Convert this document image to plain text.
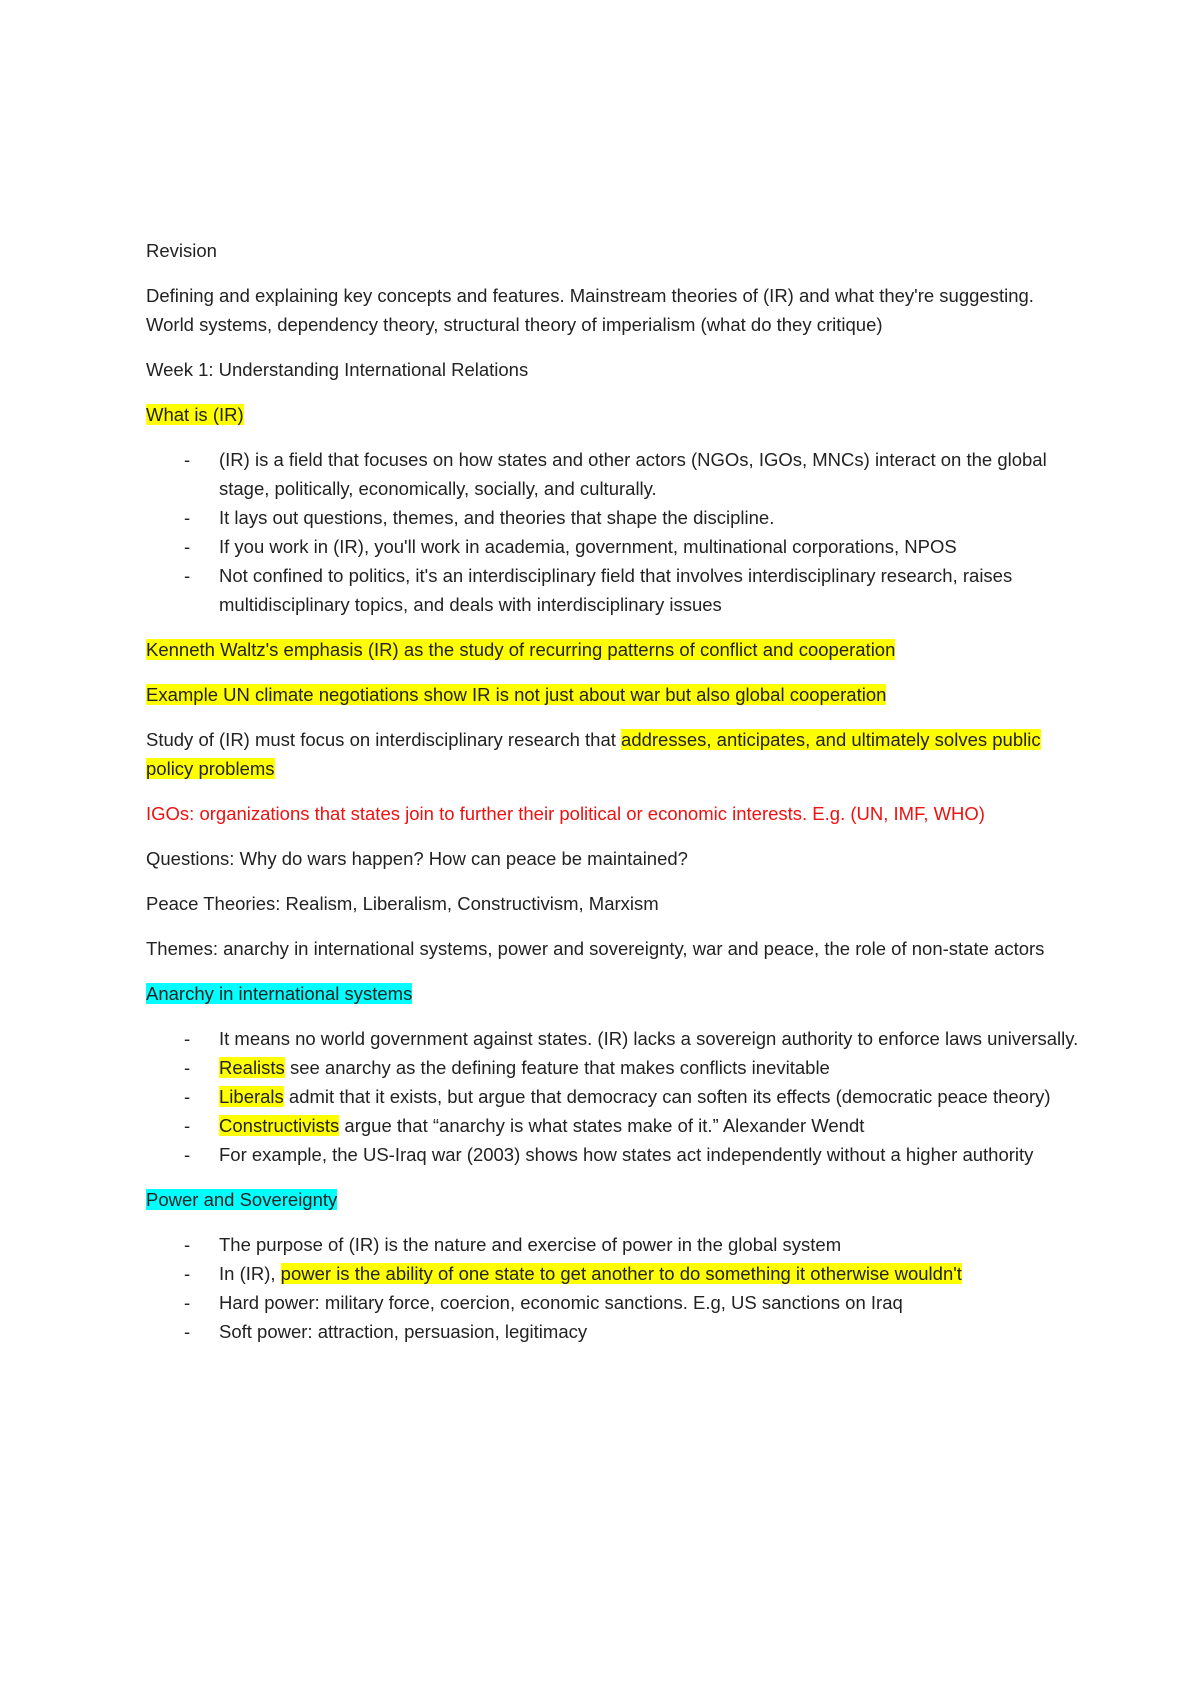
Revision

Defining and explaining key concepts and features. Mainstream theories of (IR) and what they're suggesting. World systems, dependency theory, structural theory of imperialism (what do they critique)

Week 1: Understanding International Relations

What is (IR)

- (IR) is a field that focuses on how states and other actors (NGOs, IGOs, MNCs) interact on the global stage, politically, economically, socially, and culturally.
- It lays out questions, themes, and theories that shape the discipline.
- If you work in (IR), you'll work in academia, government, multinational corporations, NPOS
- Not confined to politics, it's an interdisciplinary field that involves interdisciplinary research, raises multidisciplinary topics, and deals with interdisciplinary issues

Kenneth Waltz's emphasis (IR) as the study of recurring patterns of conflict and cooperation

Example UN climate negotiations show IR is not just about war but also global cooperation

Study of (IR) must focus on interdisciplinary research that addresses, anticipates, and ultimately solves public policy problems

IGOs: organizations that states join to further their political or economic interests. E.g. (UN, IMF, WHO)

Questions: Why do wars happen? How can peace be maintained?

Peace Theories: Realism, Liberalism, Constructivism, Marxism

Themes: anarchy in international systems, power and sovereignty, war and peace, the role of non-state actors

Anarchy in international systems

- It means no world government against states. (IR) lacks a sovereign authority to enforce laws universally.
- Realists see anarchy as the defining feature that makes conflicts inevitable
- Liberals admit that it exists, but argue that democracy can soften its effects (democratic peace theory)
- Constructivists argue that “anarchy is what states make of it.” Alexander Wendt
- For example, the US-Iraq war (2003) shows how states act independently without a higher authority

Power and Sovereignty

- The purpose of (IR) is the nature and exercise of power in the global system
- In (IR), power is the ability of one state to get another to do something it otherwise wouldn't
- Hard power: military force, coercion, economic sanctions. E.g, US sanctions on Iraq
- Soft power: attraction, persuasion, legitimacy
